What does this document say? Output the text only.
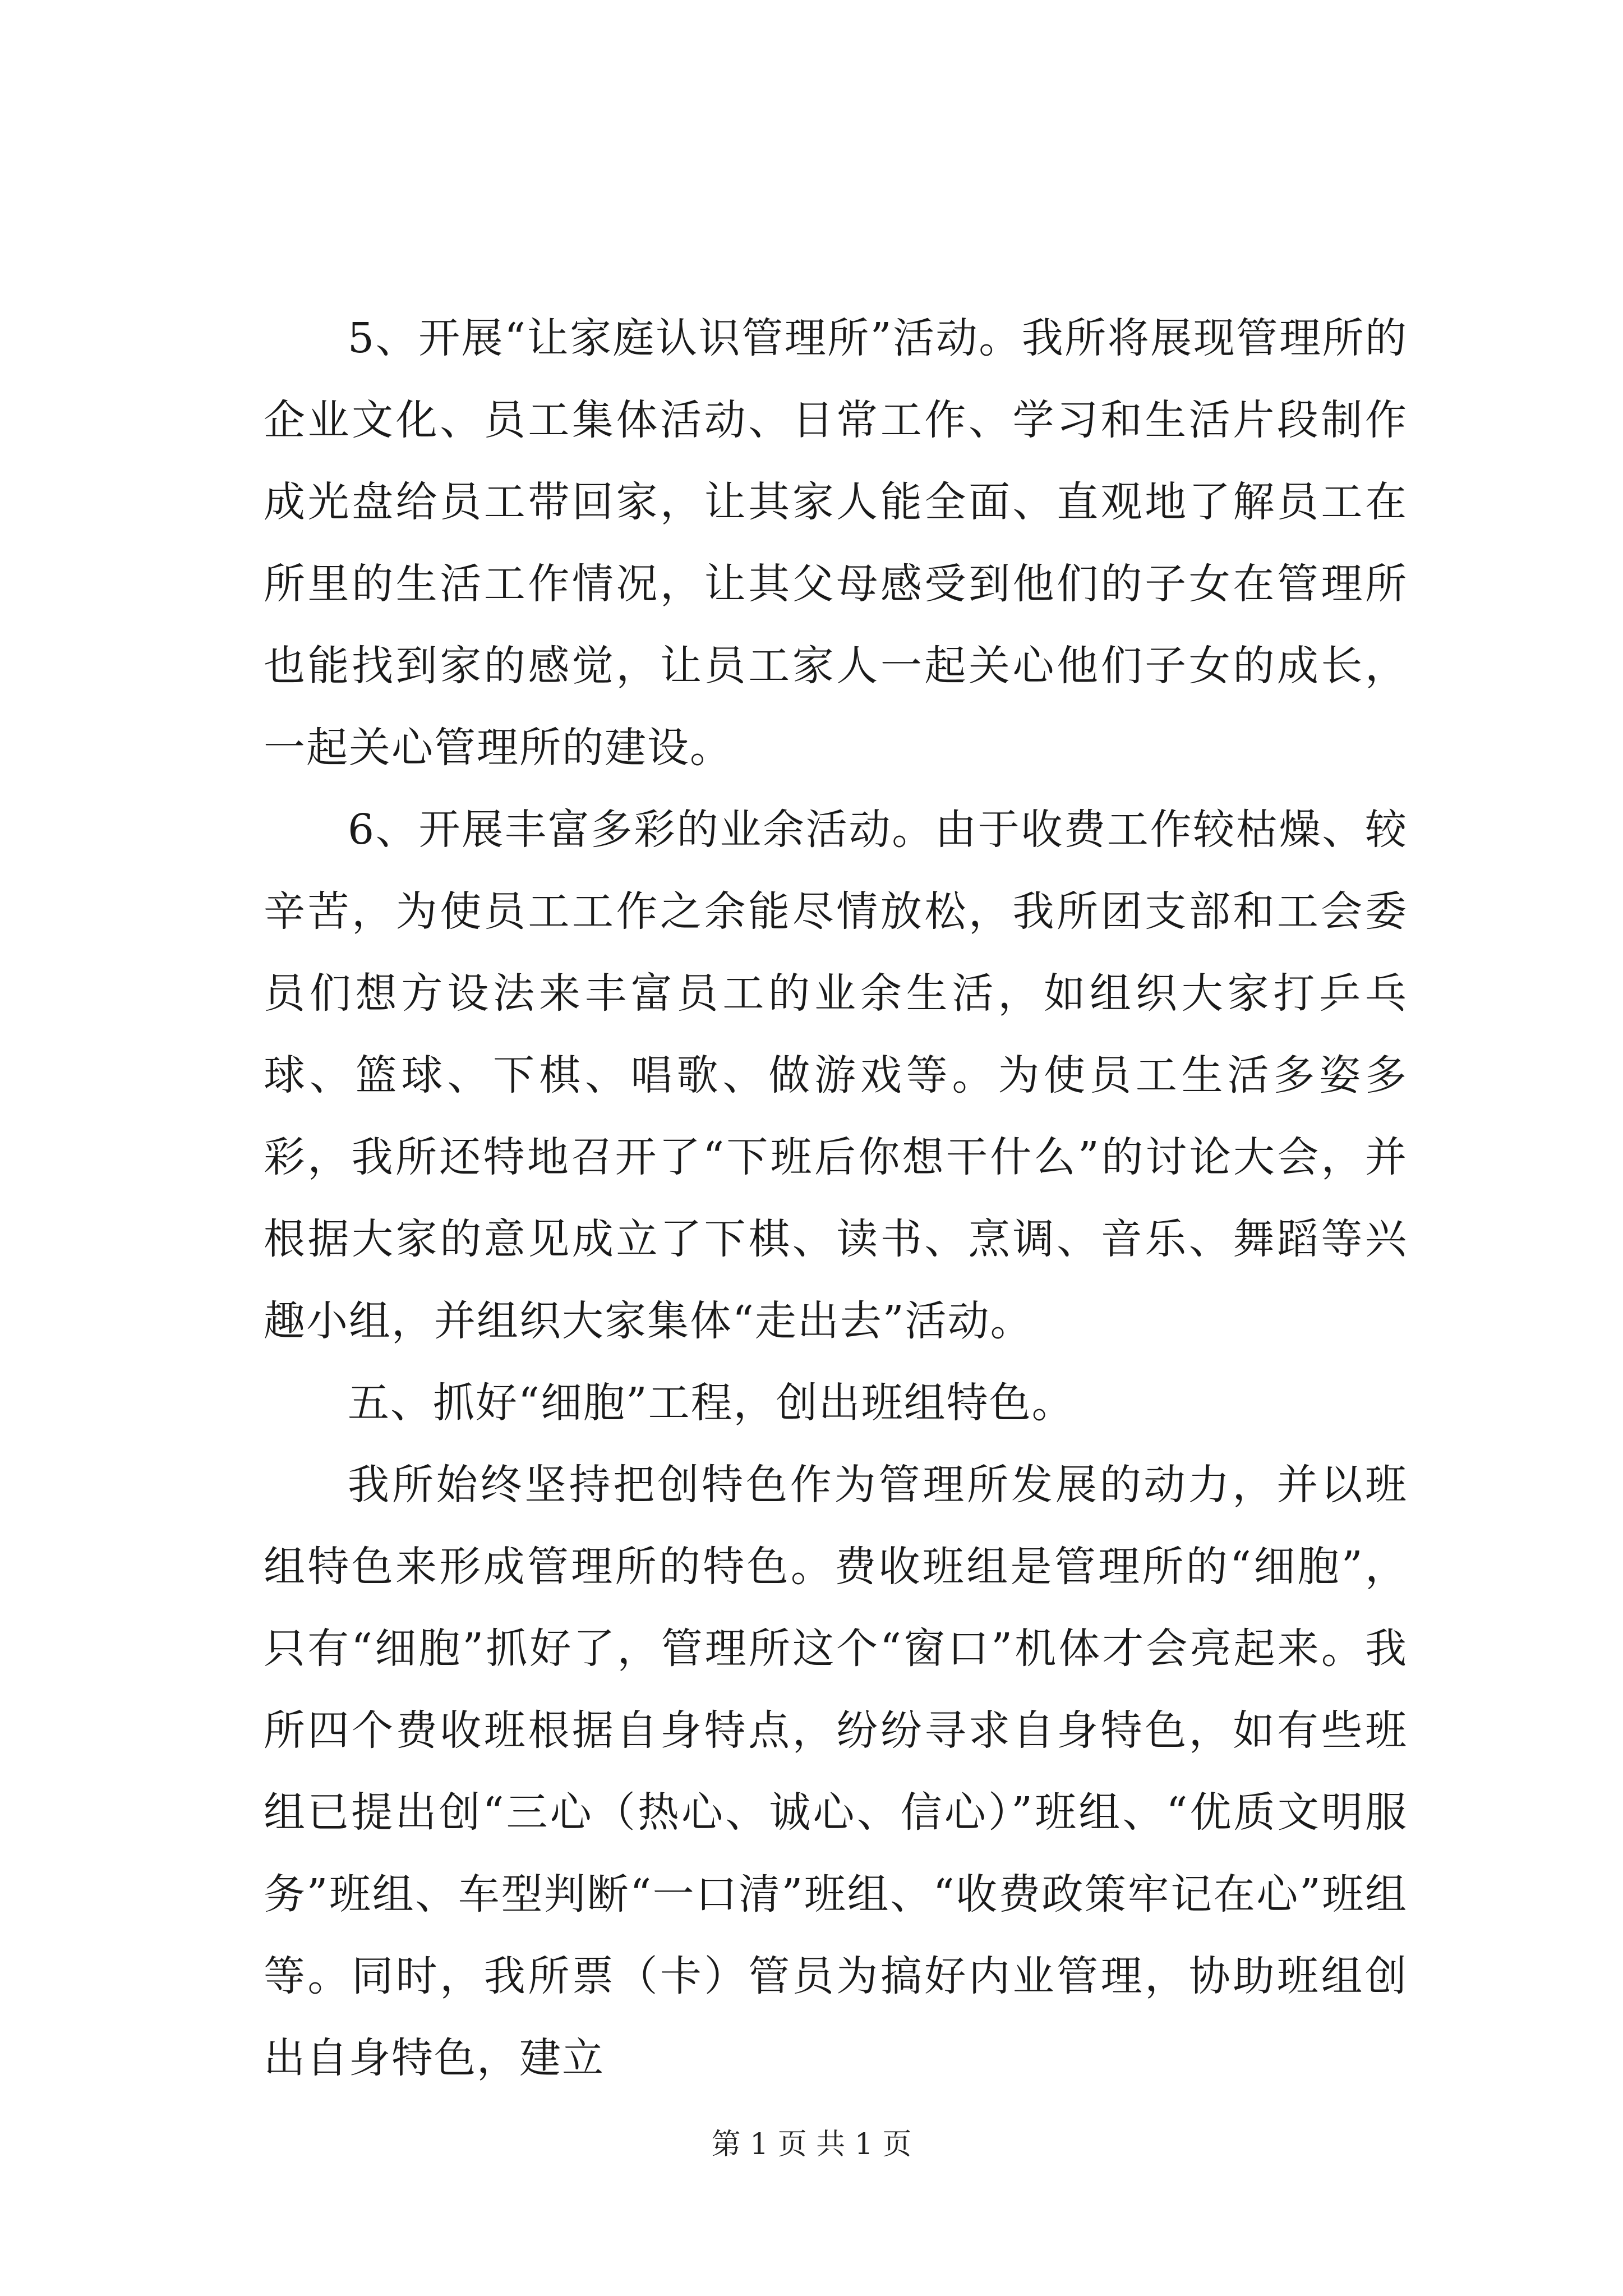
5、开展“让家庭认识管理所”活动。我所将展现管理所的企业文化、员工集体活动、日常工作、学习和生活片段制作成光盘给员工带回家，让其家人能全面、直观地了解员工在所里的生活工作情况，让其父母感受到他们的子女在管理所也能找到家的感觉，让员工家人一起关心他们子女的成长，一起关心管理所的建设。

6、开展丰富多彩的业余活动。由于收费工作较枯燥、较辛苦，为使员工工作之余能尽情放松，我所团支部和工会委员们想方设法来丰富员工的业余生活，如组织大家打乒乓球、篮球、下棋、唱歌、做游戏等。为使员工生活多姿多彩，我所还特地召开了“下班后你想干什么”的讨论大会，并根据大家的意见成立了下棋、读书、烹调、音乐、舞蹈等兴趣小组，并组织大家集体“走出去”活动。

五、抓好“细胞”工程，创出班组特色。

我所始终坚持把创特色作为管理所发展的动力，并以班组特色来形成管理所的特色。费收班组是管理所的“细胞”，只有“细胞”抓好了，管理所这个“窗口”机体才会亮起来。我所四个费收班根据自身特点，纷纷寻求自身特色，如有些班组已提出创“三心（热心、诚心、信心）”班组、“优质文明服务”班组、车型判断“一口清”班组、“收费政策牢记在心”班组等。同时，我所票（卡）管员为搞好内业管理，协助班组创出自身特色，建立

第 1 页 共 1 页
